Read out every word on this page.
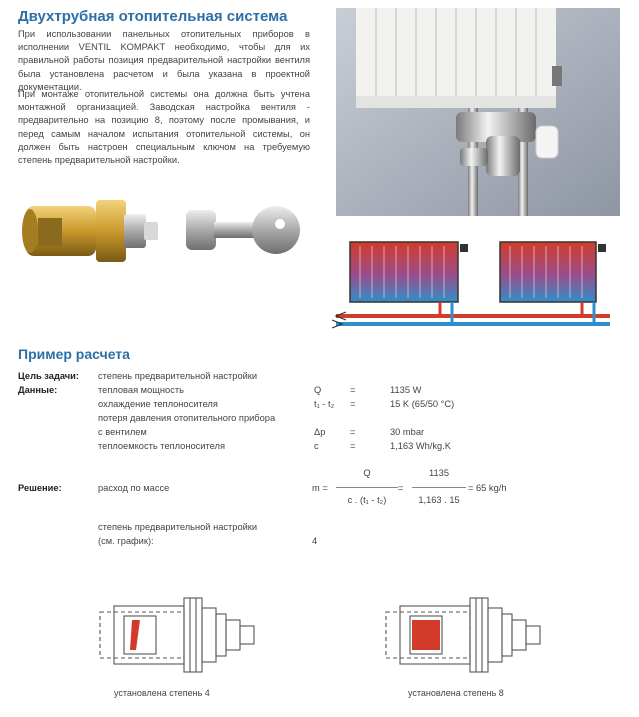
Двухтрубная отопительная система
При использовании панельных отопительных приборов в исполнении VENTIL KOMPAKT необходимо, чтобы для их правильной работы позиция предварительной настройки вентиля была установлена расчетом и была указана в проектной документации.
При монтаже отопительной системы она должна быть учтена монтажной организацией. Заводская настройка вентиля - предварительно на позицию 8, поэтому после промывания, и перед самым началом испытания отопительной системы, он должен быть настроен специальным ключом на требуемую степень предварительной настройки.
Пример расчета
Цель задачи: степень предварительной настройки
Данные:	тепловая мощность	Q	=	1135 W
охлаждение теплоносителя	t₁ - t₂ =	15 K (65/50 °C)
потеря давления отопительного прибора
с вентилем	Δp	=	30 mbar
теплоемкость теплоносителя	c	=	1,163 Wh/kg.K
Решение:	расход по массе	m =
Q
c . (t₁ - t₂)
=
1135
1,163 . 15
= 65 kg/h
степень предварительной настройки
(см. график):	4
установлена степень 4	установлена степень 8
